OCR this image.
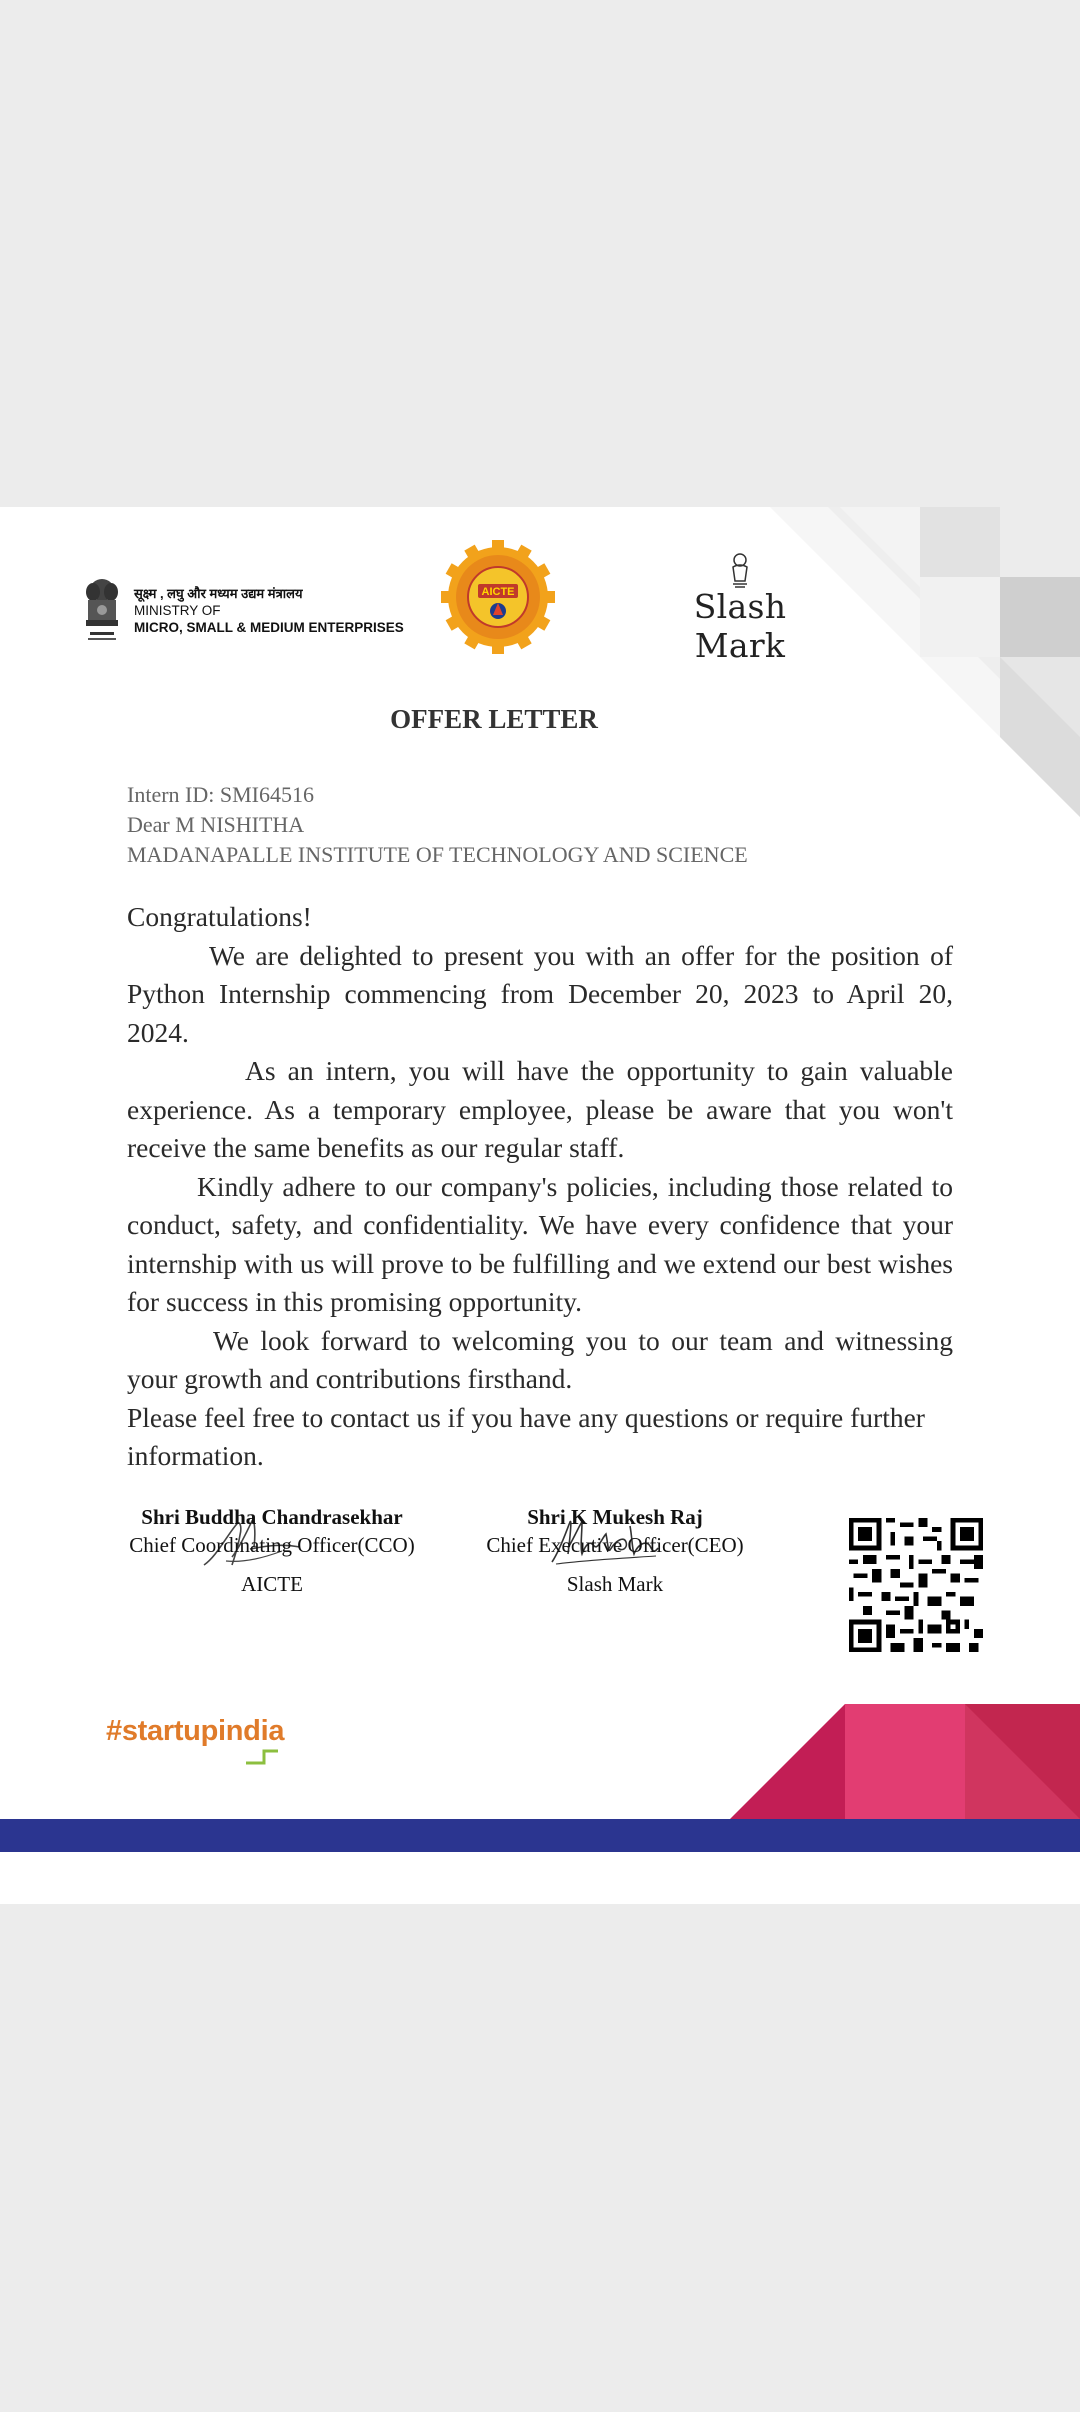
सूक्ष्म , लघु और मध्यम उद्यम मंत्रालय
MINISTRY OF
MICRO, SMALL & MEDIUM ENTERPRISES
AICTE	Slash Mark
OFFER LETTER
Intern ID: SMI64516
Dear M NISHITHA
MADANAPALLE INSTITUTE OF TECHNOLOGY AND SCIENCE

Congratulations!

We are delighted to present you with an offer for the position of Python Internship commencing from December 20, 2023 to April 20, 2024.

As an intern, you will have the opportunity to gain valuable experience. As a temporary employee, please be aware that you won't receive the same benefits as our regular staff.

Kindly adhere to our company's policies, including those related to conduct, safety, and confidentiality. We have every confidence that your internship with us will prove to be fulfilling and we extend our best wishes for success in this promising opportunity.

We look forward to welcoming you to our team and witnessing your growth and contributions firsthand.

Please feel free to contact us if you have any questions or require further information.

Shri Buddha Chandrasekhar
Chief Coordinating Officer(CCO)
AICTE
Shri K Mukesh Raj
Chief Executive Officer(CEO)
Slash Mark
#startupindia
